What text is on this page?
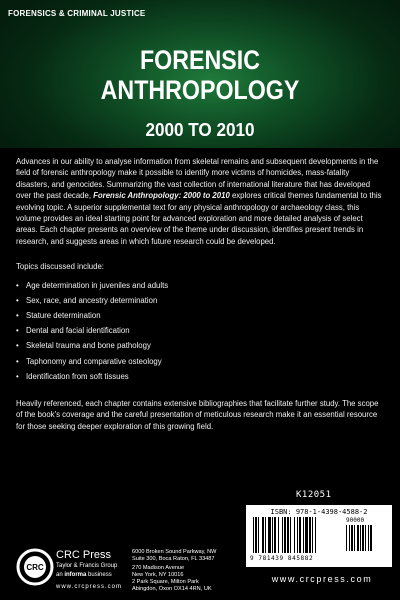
FORENSICS & CRIMINAL JUSTICE
FORENSIC
ANTHROPOLOGY
2000 TO 2010

Advances in our ability to analyse information from skeletal remains and subsequent developments in the field of forensic anthropology make it possible to identify more victims of homicides, mass-fatality disasters, and genocides. Summarizing the vast collection of international literature that has developed over the past decade, Forensic Anthropology: 2000 to 2010 explores critical themes fundamental to this evolving topic. A superior supplemental text for any physical anthropology or archaeology class, this volume provides an ideal starting point for advanced exploration and more detailed analysis of select areas. Each chapter presents an overview of the theme under discussion, identifies present trends in research, and suggests areas in which future research could be developed.

Topics discussed include:

• Age determination in juveniles and adults
• Sex, race, and ancestry determination
• Stature determination
• Dental and facial identification
• Skeletal trauma and bone pathology
• Taphonomy and comparative osteology
• Identification from soft tissues

Heavily referenced, each chapter contains extensive bibliographies that facilitate further study. The scope of the book's coverage and the careful presentation of meticulous research make it an essential resource for those seeking deeper exploration of this growing field.

K12051
ISBN: 978-1-4398-4588-2
90000
9 781439 845882
www.crcpress.com
CRC
CRC Press
Taylor & Francis Group
an informa business
www.crcpress.com
6000 Broken Sound Parkway, NW
Suite 300, Boca Raton, FL 33487
270 Madison Avenue
New York, NY 10016
2 Park Square, Milton Park
Abingdon, Oxon OX14 4RN, UK
